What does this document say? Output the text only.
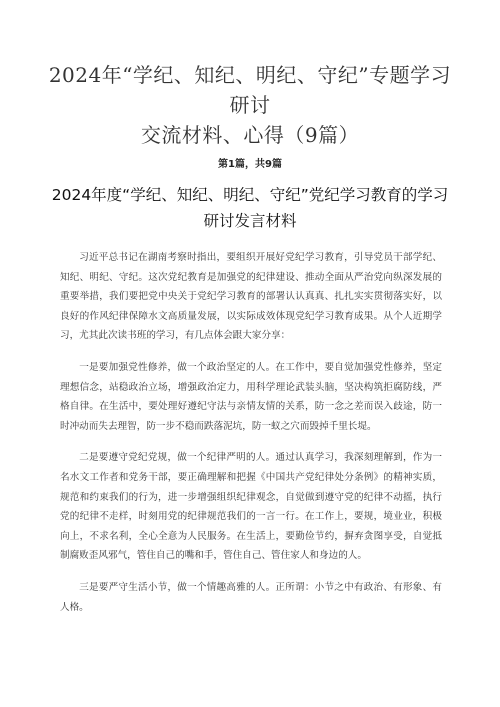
2024年“学纪、知纪、明纪、守纪”专题学习研讨
交流材料、心得（9篇）
第1篇，共9篇
2024年度“学纪、知纪、明纪、守纪”党纪学习教育的学习
研讨发言材料

习近平总书记在湖南考察时指出，要组织开展好党纪学习教育，引导党员干部学纪、知纪、明纪、守纪。这次党纪教育是加强党的纪律建设、推动全面从严治党向纵深发展的重要举措，我们要把党中央关于党纪学习教育的部署认认真真、扎扎实实贯彻落实好，以良好的作风纪律保障水文高质量发展，以实际成效体现党纪学习教育成果。从个人近期学习，尤其此次读书班的学习，有几点体会跟大家分享：

一是要加强党性修养，做一个政治坚定的人。在工作中，要自觉加强党性修养，坚定理想信念，站稳政治立场，增强政治定力，用科学理论武装头脑，坚决构筑拒腐防线，严格自律。在生活中，要处理好遵纪守法与亲情友情的关系，防一念之差而误入歧途，防一时冲动而失去理智，防一步不稳而跌落泥坑，防一蚁之穴而毁掉千里长堤。

二是要遵守党纪党规，做一个纪律严明的人。通过认真学习，我深刻理解到，作为一名水文工作者和党务干部，要正确理解和把握《中国共产党纪律处分条例》的精神实质，规范和约束我们的行为，进一步增强组织纪律观念，自觉做到遵守党的纪律不动摇，执行党的纪律不走样，时刻用党的纪律规范我们的一言一行。在工作上，要规，境业业，积极向上，不求名利，全心全意为人民服务。在生活上，要勤俭节约，摒弃贪图享受，自觉抵制腐败歪风邪气，管住自己的嘴和手，管住自己、管住家人和身边的人。

三是要严守生活小节，做一个情趣高雅的人。正所谓：小节之中有政治、有形象、有人格。
